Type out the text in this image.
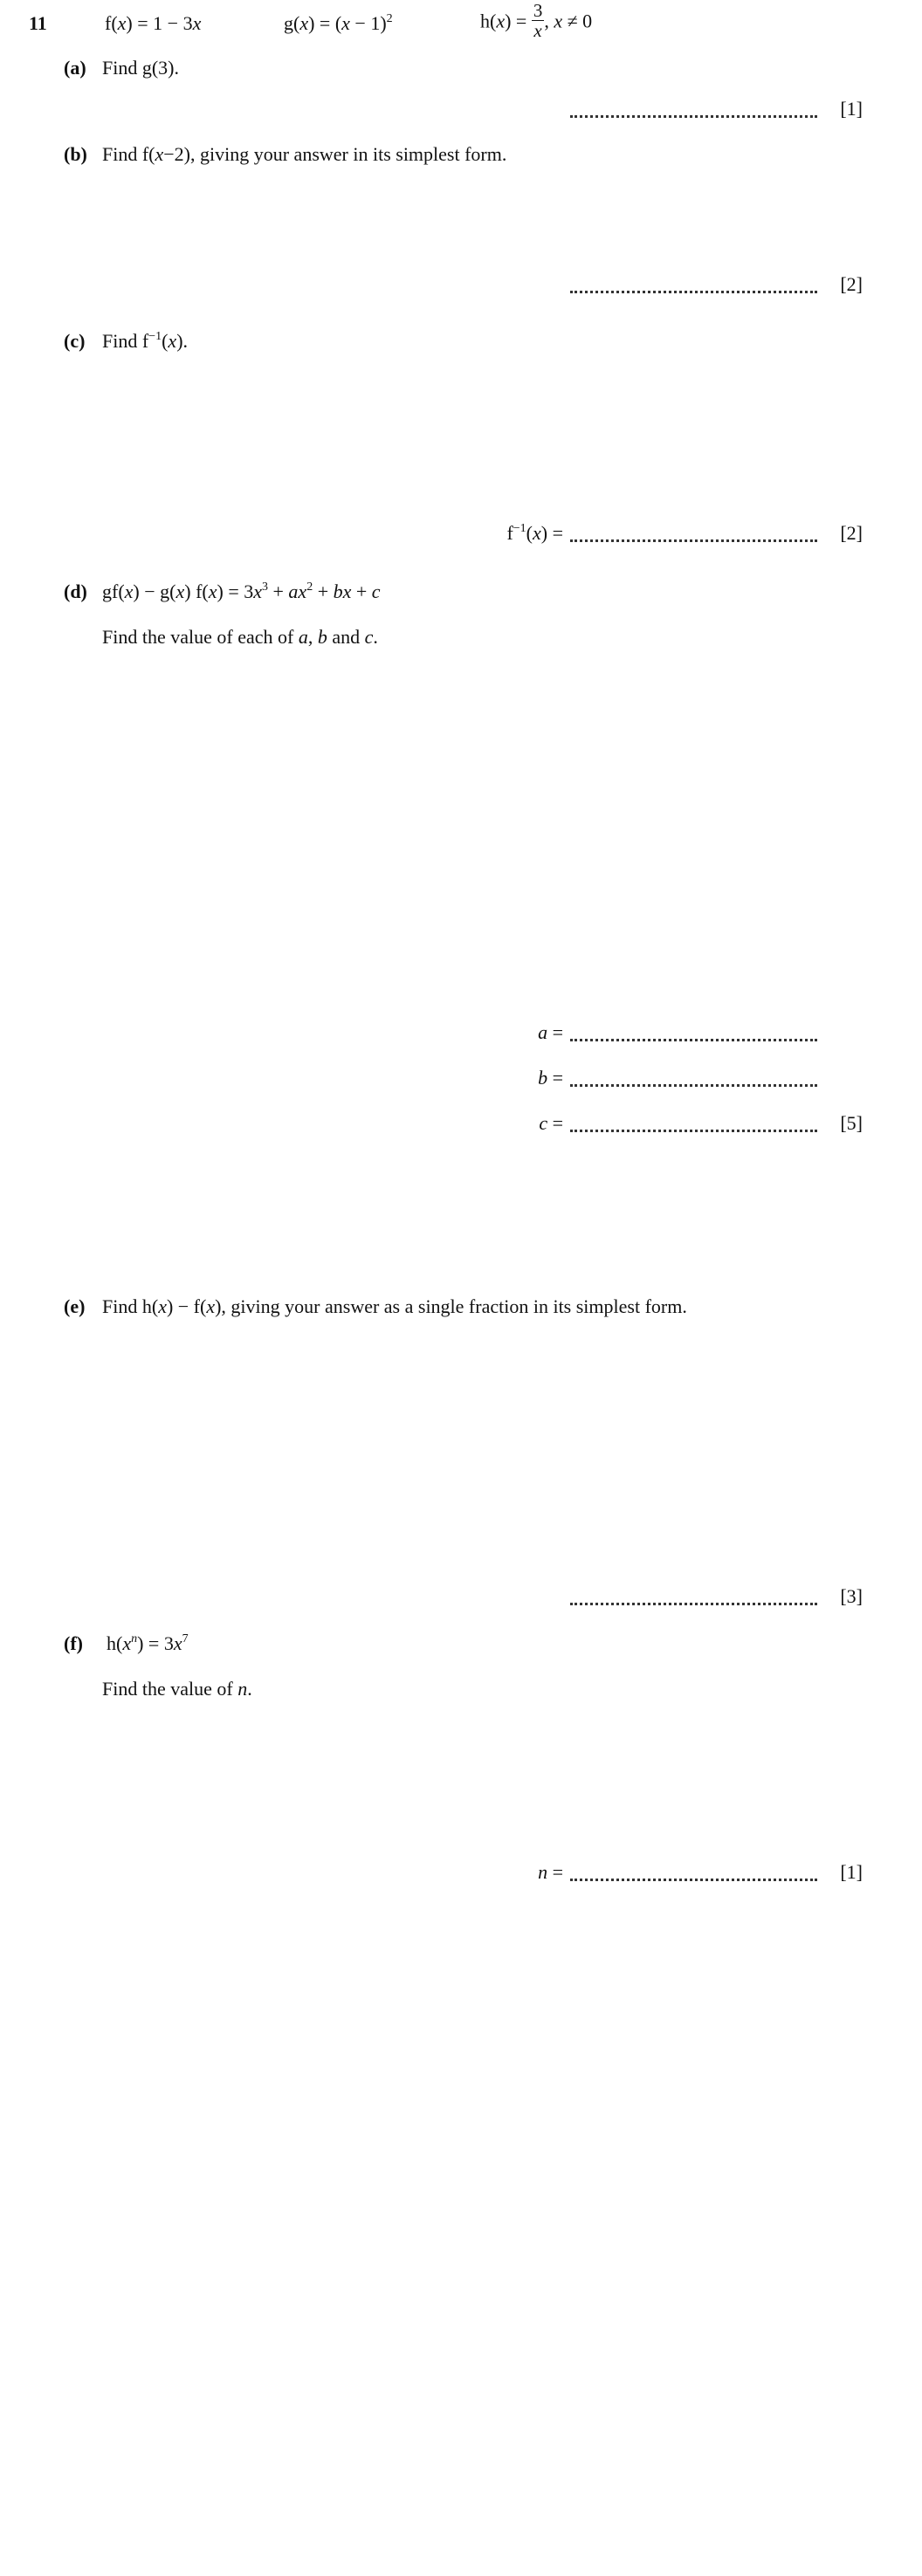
11	f(x) = 1 − 3x	$g(x) = (x - 1)^2$	$h(x) = \frac{3}{x}$ , x ≠ 0
(a) Find g(3).
[1]
(b) Find f(x−2), giving your answer in its simplest form.
[2]
(c) Find $f^{-1}(x)$.
$f^{-1}(x)$ =	[2]
(d) gf(x) − g(x) $f(x) = 3x^3 + ax^2$ + bx + c
Find the value of each of a, b and c.
a =
b =
c =	[5]
(e) Find h(x) − f(x), giving your answer as a single fraction in its simplest form.
[3]
(f) $h(x^n) = 3x^7$
Find the value of n.
n =	[1]
